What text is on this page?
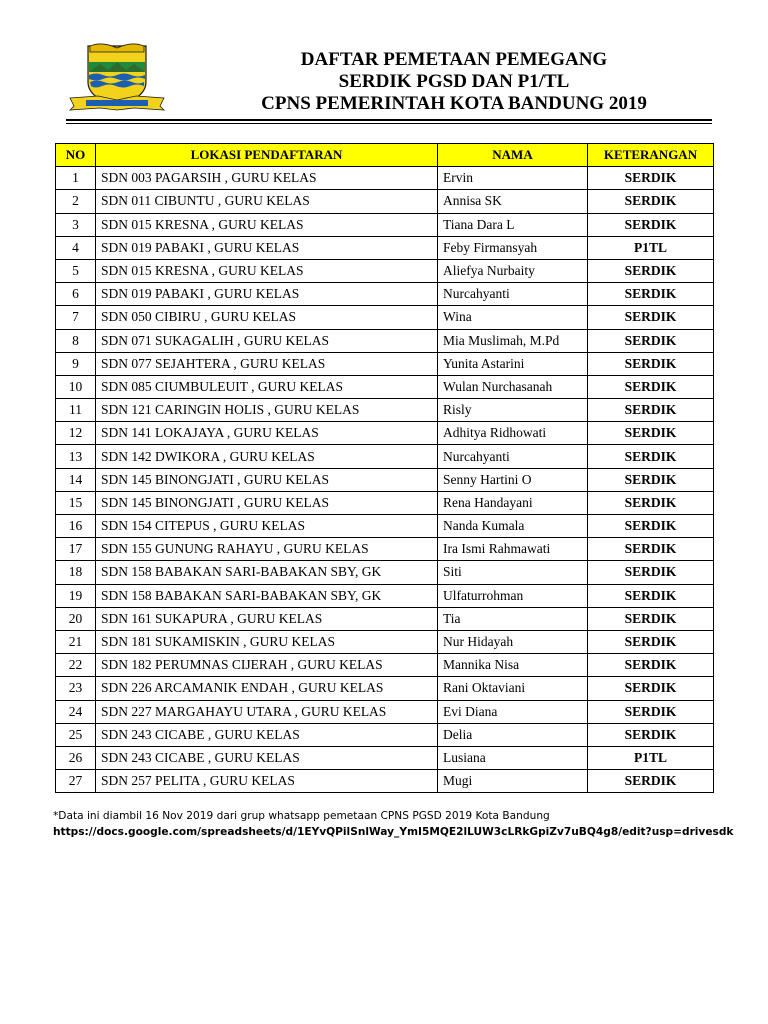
DAFTAR PEMETAAN PEMEGANG
SERDIK PGSD DAN P1/TL
CPNS PEMERINTAH KOTA BANDUNG 2019
NO	LOKASI PENDAFTARAN	NAMA	KETERANGAN
1	SDN 003 PAGARSIH , GURU KELAS	Ervin	SERDIK
2	SDN 011 CIBUNTU , GURU KELAS	Annisa SK	SERDIK
3	SDN 015 KRESNA , GURU KELAS	Tiana Dara L	SERDIK
4	SDN 019 PABAKI , GURU KELAS	Feby Firmansyah	P1TL
5	SDN 015 KRESNA , GURU KELAS	Aliefya Nurbaity	SERDIK
6	SDN 019 PABAKI , GURU KELAS	Nurcahyanti	SERDIK
7	SDN 050 CIBIRU , GURU KELAS	Wina	SERDIK
8	SDN 071 SUKAGALIH , GURU KELAS	Mia Muslimah, M.Pd	SERDIK
9	SDN 077 SEJAHTERA , GURU KELAS	Yunita Astarini	SERDIK
10	SDN 085 CIUMBULEUIT , GURU KELAS	Wulan Nurchasanah	SERDIK
11	SDN 121 CARINGIN HOLIS , GURU KELAS	Risly	SERDIK
12	SDN 141 LOKAJAYA , GURU KELAS	Adhitya Ridhowati	SERDIK
13	SDN 142 DWIKORA , GURU KELAS	Nurcahyanti	SERDIK
14	SDN 145 BINONGJATI , GURU KELAS	Senny Hartini O	SERDIK
15	SDN 145 BINONGJATI , GURU KELAS	Rena Handayani	SERDIK
16	SDN 154 CITEPUS , GURU KELAS	Nanda Kumala	SERDIK
17	SDN 155 GUNUNG RAHAYU , GURU KELAS	Ira Ismi Rahmawati	SERDIK
18	SDN 158 BABAKAN SARI-BABAKAN SBY, GK	Siti	SERDIK
19	SDN 158 BABAKAN SARI-BABAKAN SBY, GK	Ulfaturrohman	SERDIK
20	SDN 161 SUKAPURA , GURU KELAS	Tia	SERDIK
21	SDN 181 SUKAMISKIN , GURU KELAS	Nur Hidayah	SERDIK
22	SDN 182 PERUMNAS CIJERAH , GURU KELAS	Mannika Nisa	SERDIK
23	SDN 226 ARCAMANIK ENDAH , GURU KELAS	Rani Oktaviani	SERDIK
24	SDN 227 MARGAHAYU UTARA , GURU KELAS	Evi Diana	SERDIK
25	SDN 243 CICABE , GURU KELAS	Delia	SERDIK
26	SDN 243 CICABE , GURU KELAS	Lusiana	P1TL
27	SDN 257 PELITA , GURU KELAS	Mugi	SERDIK
*Data ini diambil 16 Nov 2019 dari grup whatsapp pemetaan CPNS PGSD 2019 Kota Bandung
https://docs.google.com/spreadsheets/d/1EYvQPilSnlWay_YmI5MQE2lLUW3cLRkGpiZv7uBQ4g8/edit?usp=drivesdk
